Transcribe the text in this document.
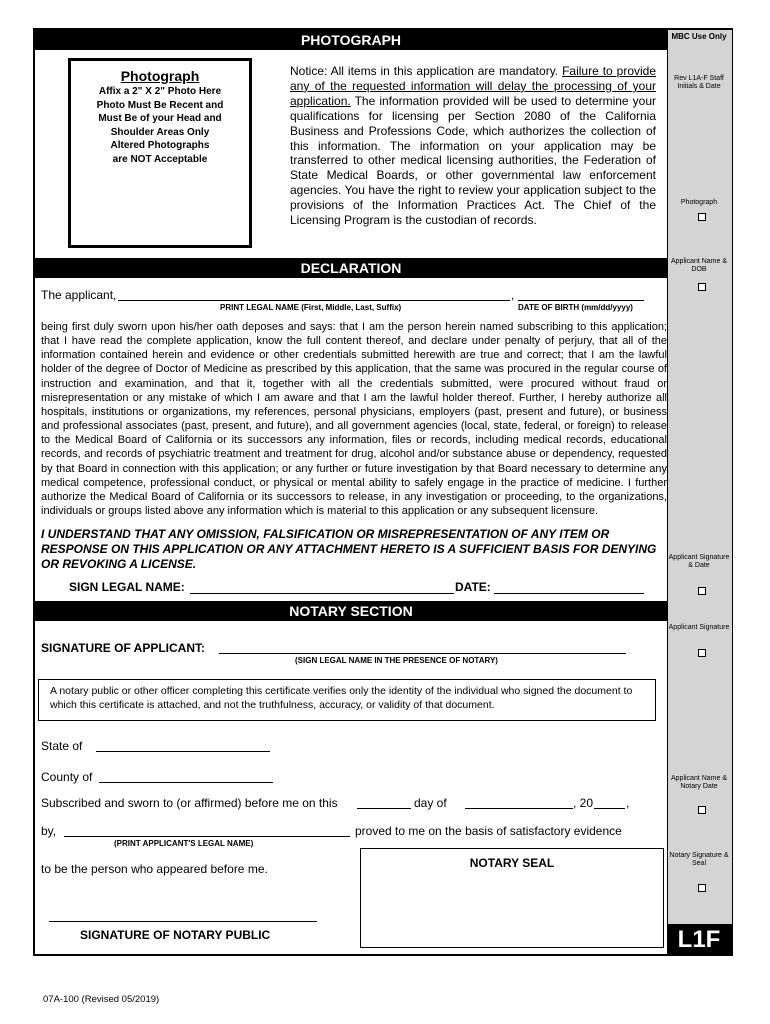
MBC Use Only
Rev L1A-F Staff Initials & Date
Photograph
Applicant Name & DOB
Applicant Signature & Date
Applicant Signature
Applicant Name & Notary Date
Notary Signature & Seal
L1F
PHOTOGRAPH
Photograph
Affix a 2" X 2" Photo Here
Photo Must Be Recent and
Must Be of your Head and
Shoulder Areas Only
Altered Photographs
are NOT Acceptable
Notice: All items in this application are mandatory. Failure to provide any of the requested information will delay the processing of your application. The information provided will be used to determine your qualifications for licensing per Section 2080 of the California Business and Professions Code, which authorizes the collection of this information. The information on your application may be transferred to other medical licensing authorities, the Federation of State Medical Boards, or other governmental law enforcement agencies. You have the right to review your application subject to the provisions of the Information Practices Act. The Chief of the Licensing Program is the custodian of records.
DECLARATION
The applicant,	,
PRINT LEGAL NAME (First, Middle, Last, Suffix)	DATE OF BIRTH (mm/dd/yyyy)
being first duly sworn upon his/her oath deposes and says: that I am the person herein named subscribing to this application; that I have read the complete application, know the full content thereof, and declare under penalty of perjury, that all of the information contained herein and evidence or other credentials submitted herewith are true and correct; that I am the lawful holder of the degree of Doctor of Medicine as prescribed by this application, that the same was procured in the regular course of instruction and examination, and that it, together with all the credentials submitted, were procured without fraud or misrepresentation or any mistake of which I am aware and that I am the lawful holder thereof. Further, I hereby authorize all hospitals, institutions or organizations, my references, personal physicians, employers (past, present and future), or business and professional associates (past, present, and future), and all government agencies (local, state, federal, or foreign) to release to the Medical Board of California or its successors any information, files or records, including medical records, educational records, and records of psychiatric treatment and treatment for drug, alcohol and/or substance abuse or dependency, requested by that Board in connection with this application; or any further or future investigation by that Board necessary to determine any medical competence, professional conduct, or physical or mental ability to safely engage in the practice of medicine. I further authorize the Medical Board of California or its successors to release, in any investigation or proceeding, to the organizations, individuals or groups listed above any information which is material to this application or any subsequent licensure.
I UNDERSTAND THAT ANY OMISSION, FALSIFICATION OR MISREPRESENTATION OF ANY ITEM OR RESPONSE ON THIS APPLICATION OR ANY ATTACHMENT HERETO IS A SUFFICIENT BASIS FOR DENYING OR REVOKING A LICENSE.
SIGN LEGAL NAME:	DATE:
NOTARY SECTION
SIGNATURE OF APPLICANT:
(SIGN LEGAL NAME IN THE PRESENCE OF NOTARY)
A notary public or other officer completing this certificate verifies only the identity of the individual who signed the document to which this certificate is attached, and not the truthfulness, accuracy, or validity of that document.
State of
County of
Subscribed and sworn to (or affirmed) before me on this	day of	, 20	,
by,	proved to me on the basis of satisfactory evidence
(PRINT APPLICANT'S LEGAL NAME)
to be the person who appeared before me.	NOTARY SEAL
SIGNATURE OF NOTARY PUBLIC
07A-100 (Revised 05/2019)
